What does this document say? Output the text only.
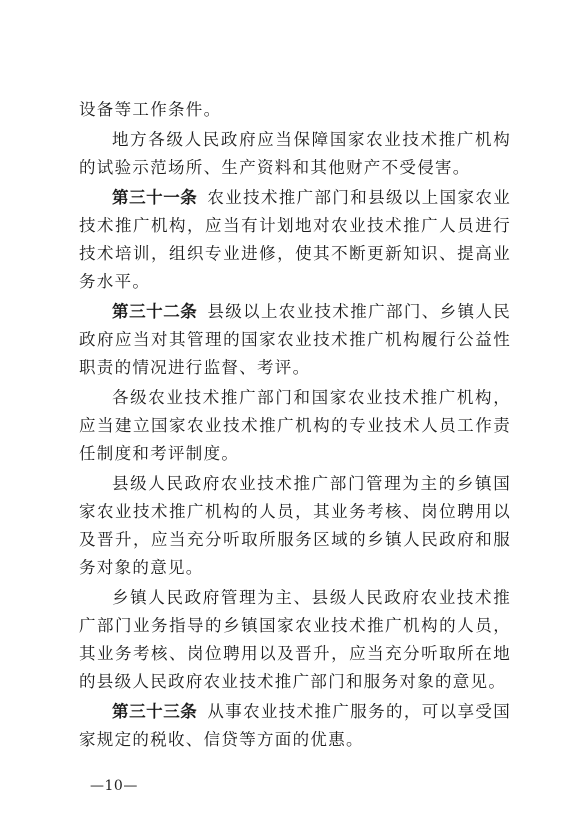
设备等工作条件。

地方各级人民政府应当保障国家农业技术推广机构的试验示范场所、生产资料和其他财产不受侵害。

第三十一条 农业技术推广部门和县级以上国家农业技术推广机构，应当有计划地对农业技术推广人员进行技术培训，组织专业进修，使其不断更新知识、提高业务水平。

第三十二条 县级以上农业技术推广部门、乡镇人民政府应当对其管理的国家农业技术推广机构履行公益性职责的情况进行监督、考评。

各级农业技术推广部门和国家农业技术推广机构，应当建立国家农业技术推广机构的专业技术人员工作责任制度和考评制度。

县级人民政府农业技术推广部门管理为主的乡镇国家农业技术推广机构的人员，其业务考核、岗位聘用以及晋升，应当充分听取所服务区域的乡镇人民政府和服务对象的意见。

乡镇人民政府管理为主、县级人民政府农业技术推广部门业务指导的乡镇国家农业技术推广机构的人员，其业务考核、岗位聘用以及晋升，应当充分听取所在地的县级人民政府农业技术推广部门和服务对象的意见。

第三十三条 从事农业技术推广服务的，可以享受国家规定的税收、信贷等方面的优惠。

—10—
